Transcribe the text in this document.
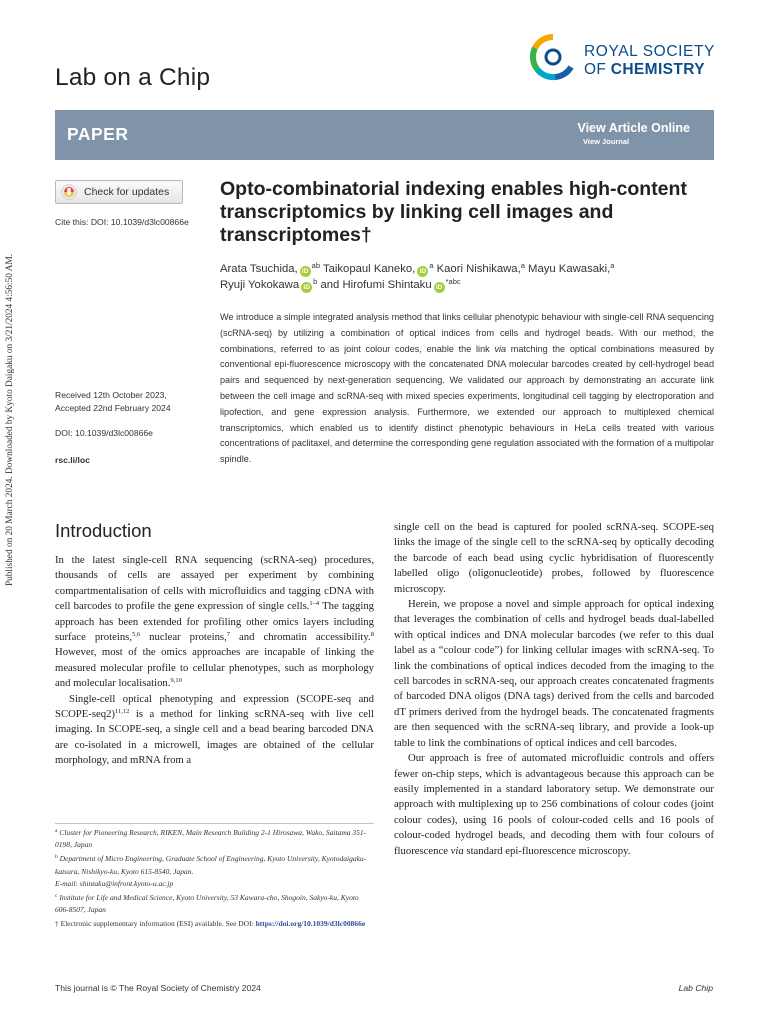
Published on 20 March 2024. Downloaded by Kyoto Daigaku on 3/21/2024 4:56:50 AM.
Lab on a Chip
ROYAL SOCIETY
OF CHEMISTRY
PAPER	View Article Online
View Journal
Check for updates
Cite this: DOI: 10.1039/d3lc00866e
Opto-combinatorial indexing enables high-content transcriptomics by linking cell images and transcriptomes†
Arata Tsuchida, $iD^{ab}$ Taikopaul Kaneko, $iD^a$ Kaori Nishikawa,$^a$ Mayu Kawasaki,$^a$
Ryuji Yokokawa $iD^b$ and Hirofumi Shintaku $iD^{*abc}$
We introduce a simple integrated analysis method that links cellular phenotypic behaviour with single-cell RNA sequencing (scRNA-seq) by utilizing a combination of optical indices from cells and hydrogel beads. With our method, the combinations, referred to as joint colour codes, enable the link via matching the optical combinations measured by conventional epi-fluorescence microscopy with the concatenated DNA molecular barcodes created by cell-hydrogel bead pairs and sequenced by next-generation sequencing. We validated our approach by demonstrating an accurate link between the cell image and scRNA-seq with mixed species experiments, longitudinal cell tagging by electroporation and lipofection, and gene expression analysis. Furthermore, we extended our approach to multiplexed chemical transcriptomics, which enabled us to identify distinct phenotypic behaviours in HeLa cells treated with various concentrations of paclitaxel, and determine the corresponding gene regulation associated with the formation of a multipolar spindle.
Received 12th October 2023,
Accepted 22nd February 2024
DOI: 10.1039/d3lc00866e
rsc.li/loc
Introduction

In the latest single-cell RNA sequencing (scRNA-seq) procedures, thousands of cells are assayed per experiment by combining compartmentalisation of cells with microfluidics and tagging cDNA with cell barcodes to profile the gene expression of single cells.$^{1-4}$ The tagging approach has been extended for profiling other omics layers including surface proteins,$^{5,6}$ nuclear proteins,$^7$ and chromatin accessibility.$^8$ However, most of the omics approaches are incapable of linking the measured molecular profile to cellular phenotypes, such as morphology and molecular localisation.$^{9,10}$

Single-cell optical phenotyping and expression (SCOPE-seq and SCOPE-seq2)$^{11,12}$ is a method for linking scRNA-seq with live cell imaging. In SCOPE-seq, a single cell and a bead bearing barcoded DNA are co-isolated in a microwell, images are obtained of the cellular morphology, and mRNA from a

$^a$ Cluster for Pioneering Research, RIKEN, Main Research Building 2-1 Hirosawa, Wako, Saitama 351-0198, Japan
$^b$ Department of Micro Engineering, Graduate School of Engineering, Kyoto University, Kyotodaigaku-katsura, Nishikyo-ku, Kyoto 615-8540, Japan.
E-mail: shintaku@infront.kyoto-u.ac.jp
$^c$ Institute for Life and Medical Science, Kyoto University, 53 Kawara-cho, Shogoin, Sakyo-ku, Kyoto 606-8507, Japan
† Electronic supplementary information (ESI) available. See DOI: https://doi.org/10.1039/d3lc00866e

single cell on the bead is captured for pooled scRNA-seq. SCOPE-seq links the image of the single cell to the scRNA-seq by optically decoding the barcode of each bead using cyclic hybridisation of fluorescently labelled oligo (oligonucleotide) probes, followed by fluorescence microscopy.

Herein, we propose a novel and simple approach for optical indexing that leverages the combination of cells and hydrogel beads dual-labelled with optical indices and DNA molecular barcodes (we refer to this dual label as a “colour code”) for linking cellular images with scRNA-seq. To link the combinations of optical indices decoded from the imaging to the cell barcodes in scRNA-seq, our approach creates concatenated fragments of barcoded DNA oligos (DNA tags) derived from the cells and barcoded dT primers derived from the hydrogel beads. The concatenated fragments are then sequenced with the scRNA-seq library, and provide a look-up table to link the combinations of optical indices and cell barcodes.

Our approach is free of automated microfluidic controls and offers fewer on-chip steps, which is advantageous because this approach can be easily implemented in a standard laboratory setup. We demonstrate our approach with multiplexing up to 256 combinations of colour codes (joint colour codes), using 16 pools of colour-coded cells and 16 pools of colour-coded hydrogel beads, and decoding them with four colours of fluorescence via standard epi-fluorescence microscopy.

This journal is © The Royal Society of Chemistry 2024	Lab Chip
